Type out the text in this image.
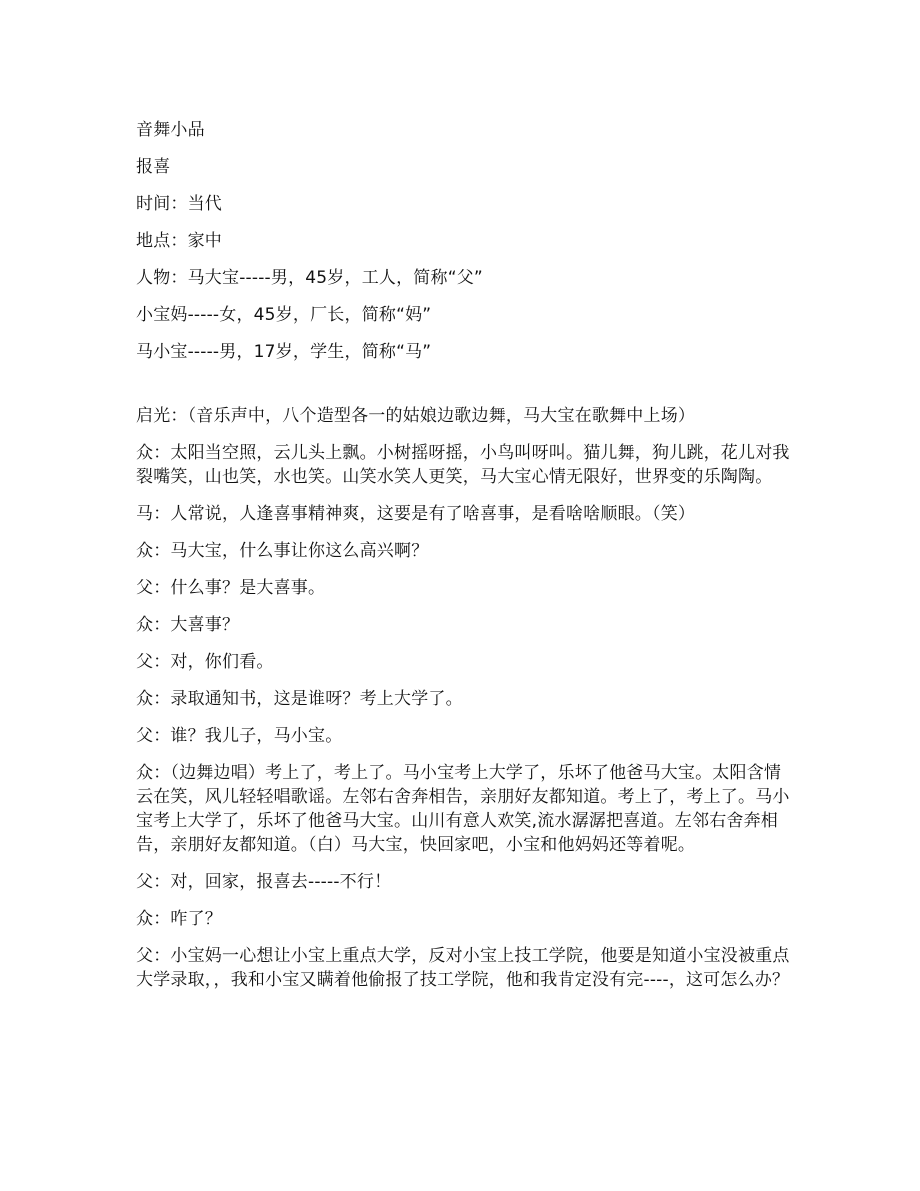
音舞小品

报喜

时间：当代

地点：家中

人物：马大宝-----男，45岁，工人，简称“父”

小宝妈-----女，45岁，厂长，简称“妈”

马小宝-----男，17岁，学生，简称“马”

启光：（音乐声中，八个造型各一的姑娘边歌边舞，马大宝在歌舞中上场）

众：太阳当空照，云儿头上飘。小树摇呀摇，小鸟叫呀叫。猫儿舞，狗儿跳，花儿对我裂嘴笑，山也笑，水也笑。山笑水笑人更笑，马大宝心情无限好，世界变的乐陶陶。

马：人常说，人逢喜事精神爽，这要是有了啥喜事，是看啥啥顺眼。（笑）

众：马大宝，什么事让你这么高兴啊？

父：什么事？是大喜事。

众：大喜事？

父：对，你们看。

众：录取通知书，这是谁呀？考上大学了。

父：谁？我儿子，马小宝。

众：（边舞边唱）考上了，考上了。马小宝考上大学了，乐坏了他爸马大宝。太阳含情云在笑，风儿轻轻唱歌谣。左邻右舍奔相告，亲朋好友都知道。考上了，考上了。马小宝考上大学了，乐坏了他爸马大宝。山川有意人欢笑,流水潺潺把喜道。左邻右舍奔相告，亲朋好友都知道。（白）马大宝，快回家吧，小宝和他妈妈还等着呢。

父：对，回家，报喜去-----不行！

众：咋了？

父：小宝妈一心想让小宝上重点大学，反对小宝上技工学院，他要是知道小宝没被重点大学录取，，我和小宝又瞒着他偷报了技工学院，他和我肯定没有完----，这可怎么办？
